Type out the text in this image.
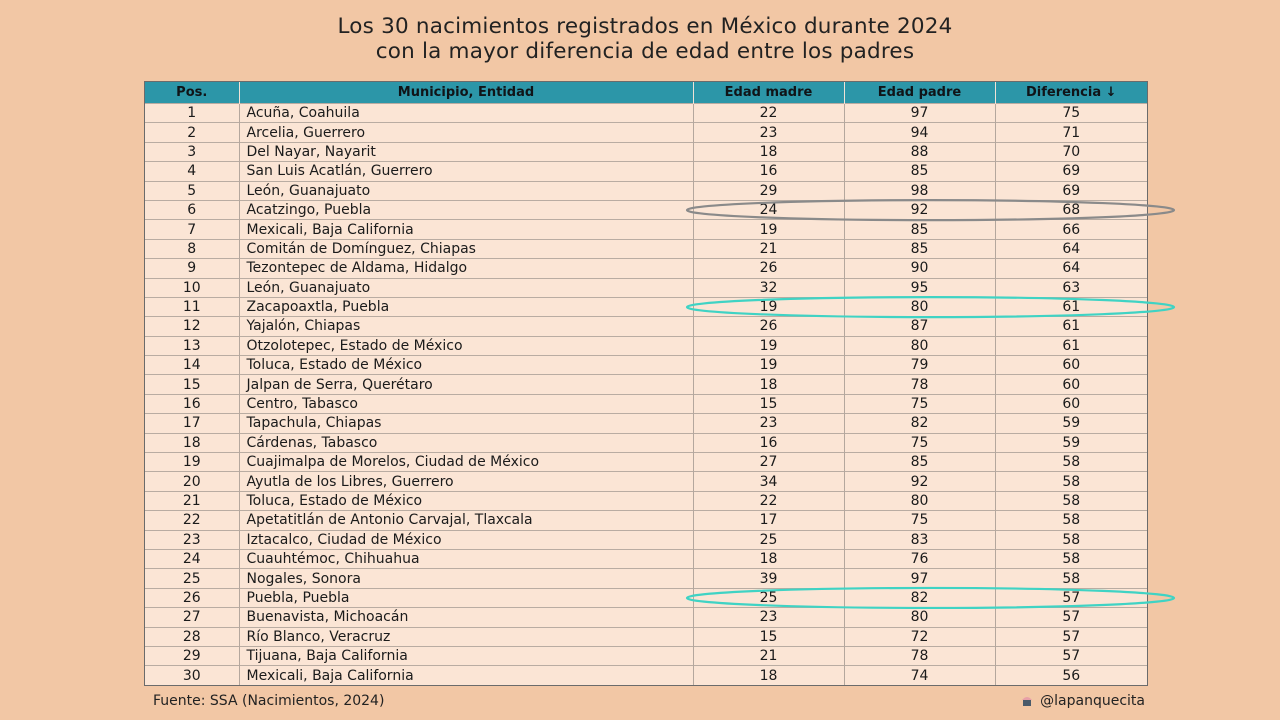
Los 30 nacimientos registrados en México durante 2024
con la mayor diferencia de edad entre los padres
Pos.	Municipio, Entidad	Edad madre	Edad padre	Diferencia ↓
1	Acuña, Coahuila	22	97	75
2	Arcelia, Guerrero	23	94	71
3	Del Nayar, Nayarit	18	88	70
4	San Luis Acatlán, Guerrero	16	85	69
5	León, Guanajuato	29	98	69
6	Acatzingo, Puebla	24	92	68
7	Mexicali, Baja California	19	85	66
8	Comitán de Domínguez, Chiapas	21	85	64
9	Tezontepec de Aldama, Hidalgo	26	90	64
10	León, Guanajuato	32	95	63
11	Zacapoaxtla, Puebla	19	80	61
12	Yajalón, Chiapas	26	87	61
13	Otzolotepec, Estado de México	19	80	61
14	Toluca, Estado de México	19	79	60
15	Jalpan de Serra, Querétaro	18	78	60
16	Centro, Tabasco	15	75	60
17	Tapachula, Chiapas	23	82	59
18	Cárdenas, Tabasco	16	75	59
19	Cuajimalpa de Morelos, Ciudad de México	27	85	58
20	Ayutla de los Libres, Guerrero	34	92	58
21	Toluca, Estado de México	22	80	58
22	Apetatitlán de Antonio Carvajal, Tlaxcala	17	75	58
23	Iztacalco, Ciudad de México	25	83	58
24	Cuauhtémoc, Chihuahua	18	76	58
25	Nogales, Sonora	39	97	58
26	Puebla, Puebla	25	82	57
27	Buenavista, Michoacán	23	80	57
28	Río Blanco, Veracruz	15	72	57
29	Tijuana, Baja California	21	78	57
30	Mexicali, Baja California	18	74	56
Fuente: SSA (Nacimientos, 2024)	@lapanquecita
